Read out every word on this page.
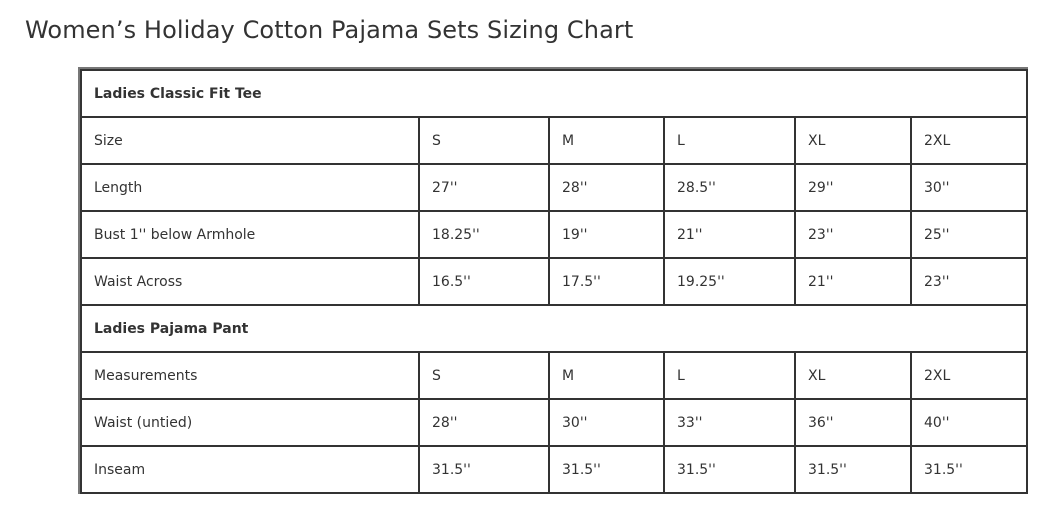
Women’s Holiday Cotton Pajama Sets Sizing Chart
Ladies Classic Fit Tee					
Size	S	M	L	XL	2XL
Length	27''	28''	28.5''	29''	30''
Bust 1'' below Armhole	18.25''	19''	21''	23''	25''
Waist Across	16.5''	17.5''	19.25''	21''	23''
Ladies Pajama Pant					
Measurements	S	M	L	XL	2XL
Waist (untied)	28''	30''	33''	36''	40''
Inseam	31.5''	31.5''	31.5''	31.5''	31.5''
